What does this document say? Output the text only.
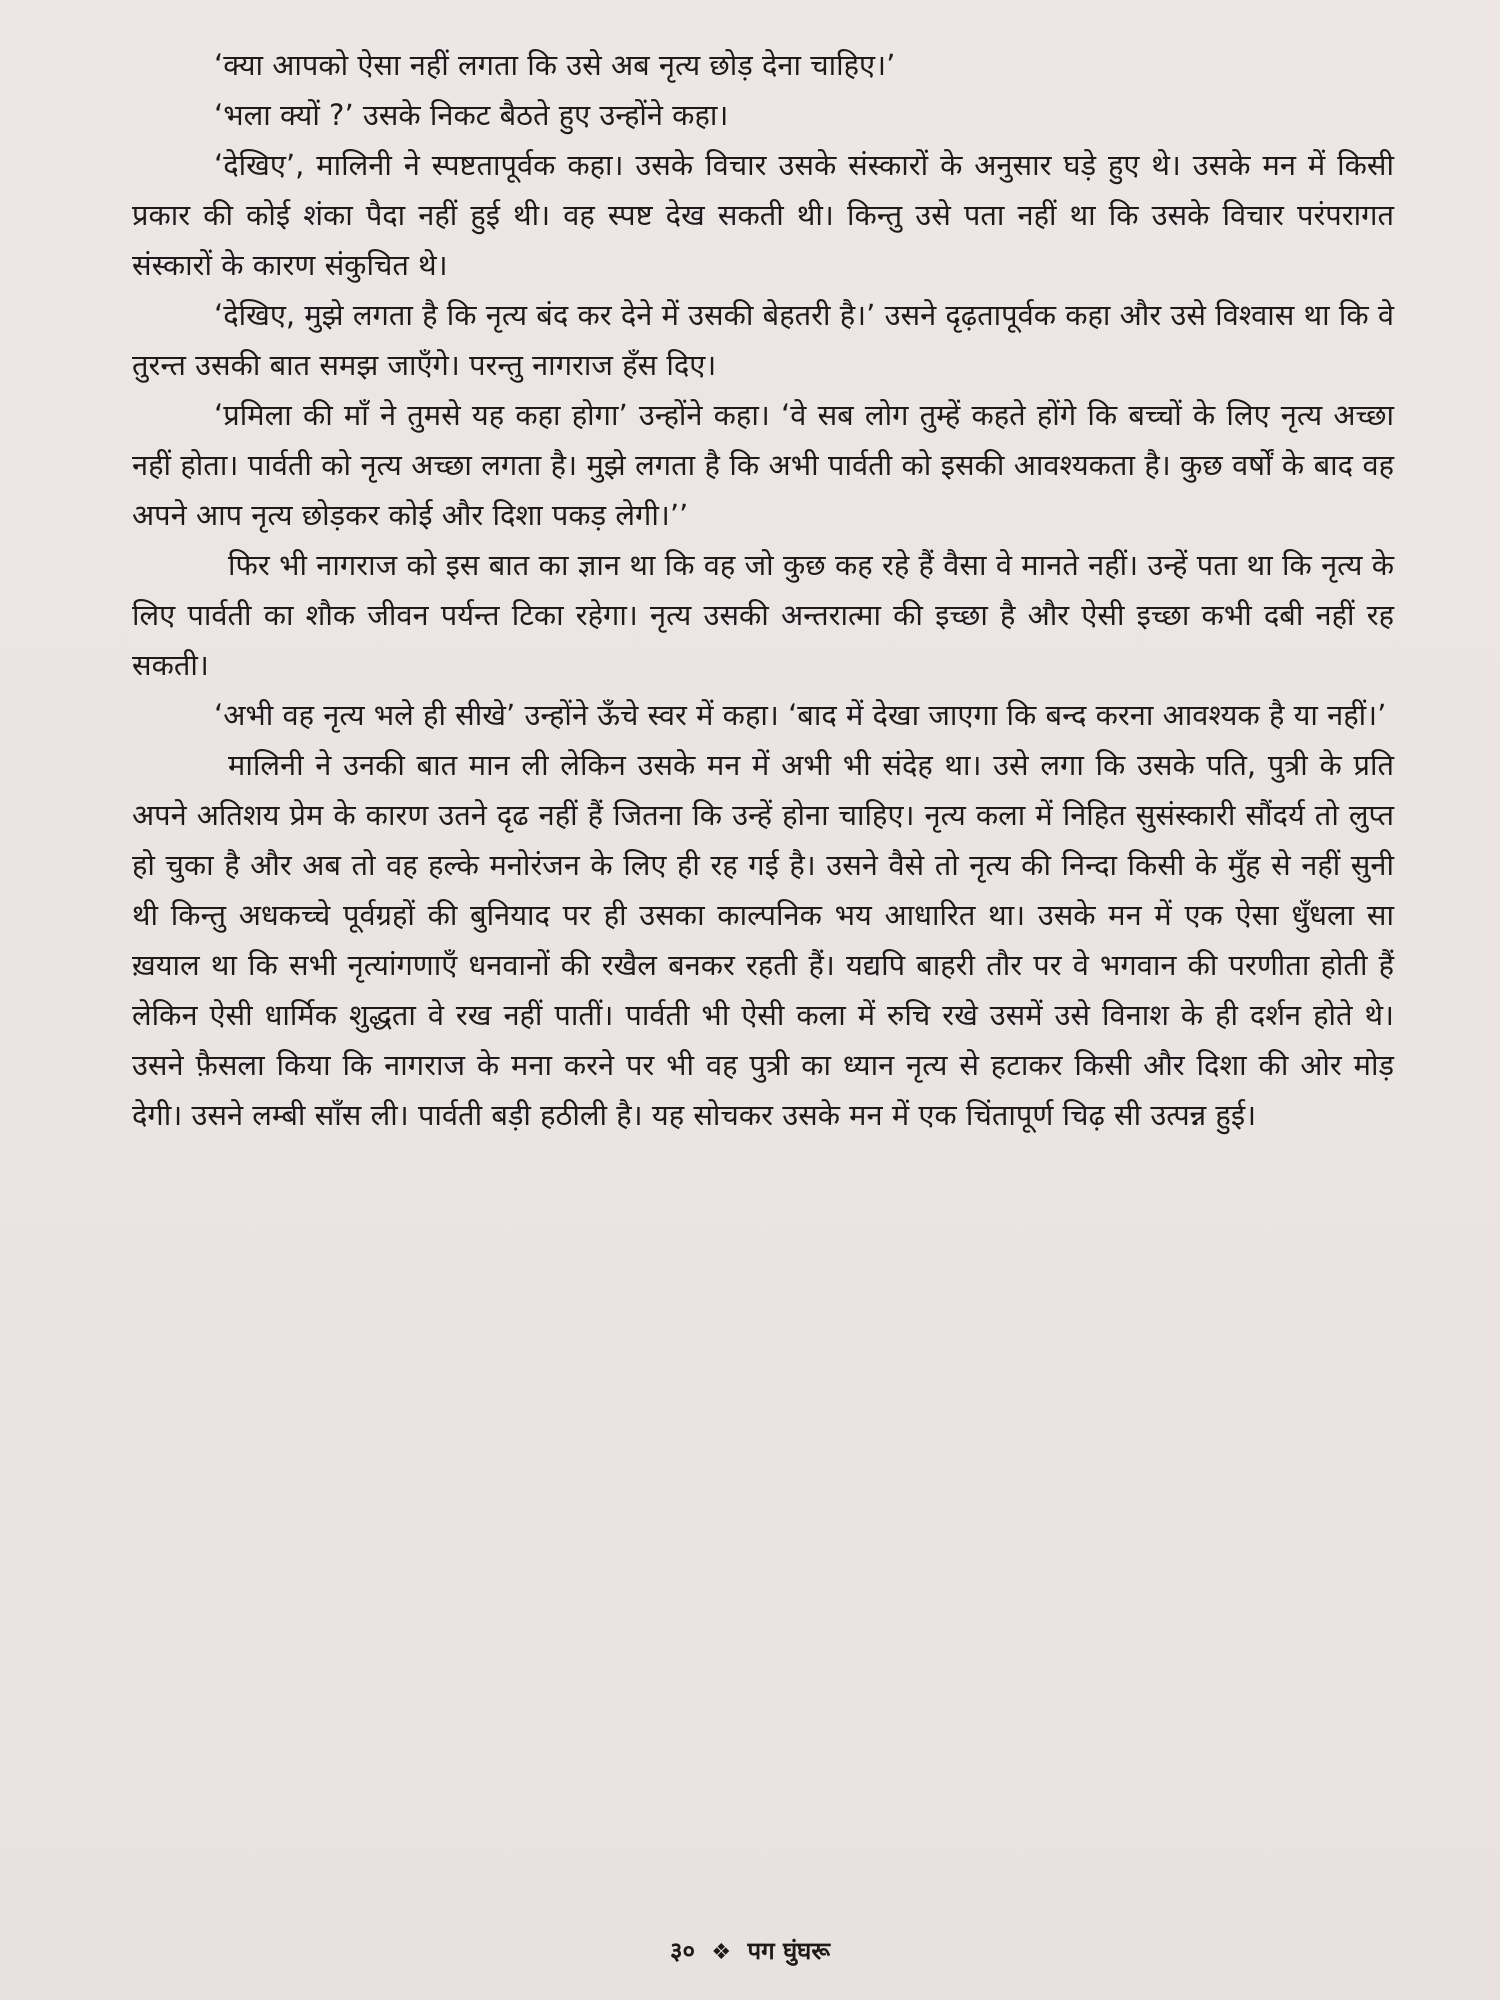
‘क्या आपको ऐसा नहीं लगता कि उसे अब नृत्य छोड़ देना चाहिए।’

‘भला क्यों ?’ उसके निकट बैठते हुए उन्होंने कहा।

‘देखिए’, मालिनी ने स्पष्टतापूर्वक कहा। उसके विचार उसके संस्कारों के अनुसार घड़े हुए थे। उसके मन में किसी प्रकार की कोई शंका पैदा नहीं हुई थी। वह स्पष्ट देख सकती थी। किन्तु उसे पता नहीं था कि उसके विचार परंपरागत संस्कारों के कारण संकुचित थे।

‘देखिए, मुझे लगता है कि नृत्य बंद कर देने में उसकी बेहतरी है।’ उसने दृढ़तापूर्वक कहा और उसे विश्वास था कि वे तुरन्त उसकी बात समझ जाएँगे। परन्तु नागराज हँस दिए।

‘प्रमिला की माँ ने तुमसे यह कहा होगा’ उन्होंने कहा। ‘वे सब लोग तुम्हें कहते होंगे कि बच्चों के लिए नृत्य अच्छा नहीं होता। पार्वती को नृत्य अच्छा लगता है। मुझे लगता है कि अभी पार्वती को इसकी आवश्यकता है। कुछ वर्षों के बाद वह अपने आप नृत्य छोड़कर कोई और दिशा पकड़ लेगी।’’

फिर भी नागराज को इस बात का ज्ञान था कि वह जो कुछ कह रहे हैं वैसा वे मानते नहीं। उन्हें पता था कि नृत्य के लिए पार्वती का शौक जीवन पर्यन्त टिका रहेगा। नृत्य उसकी अन्तरात्मा की इच्छा है और ऐसी इच्छा कभी दबी नहीं रह सकती।

‘अभी वह नृत्य भले ही सीखे’ उन्होंने ऊँचे स्वर में कहा। ‘बाद में देखा जाएगा कि बन्द करना आवश्यक है या नहीं।’

मालिनी ने उनकी बात मान ली लेकिन उसके मन में अभी भी संदेह था। उसे लगा कि उसके पति, पुत्री के प्रति अपने अतिशय प्रेम के कारण उतने दृढ नहीं हैं जितना कि उन्हें होना चाहिए। नृत्य कला में निहित सुसंस्कारी सौंदर्य तो लुप्त हो चुका है और अब तो वह हल्के मनोरंजन के लिए ही रह गई है। उसने वैसे तो नृत्य की निन्दा किसी के मुँह से नहीं सुनी थी किन्तु अधकच्चे पूर्वग्रहों की बुनियाद पर ही उसका काल्पनिक भय आधारित था। उसके मन में एक ऐसा धुँधला सा ख़याल था कि सभी नृत्यांगणाएँ धनवानों की रखैल बनकर रहती हैं। यद्यपि बाहरी तौर पर वे भगवान की परणीता होती हैं लेकिन ऐसी धार्मिक शुद्धता वे रख नहीं पातीं। पार्वती भी ऐसी कला में रुचि रखे उसमें उसे विनाश के ही दर्शन होते थे। उसने फ़ैसला किया कि नागराज के मना करने पर भी वह पुत्री का ध्यान नृत्य से हटाकर किसी और दिशा की ओर मोड़ देगी। उसने लम्बी साँस ली। पार्वती बड़ी हठीली है। यह सोचकर उसके मन में एक चिंतापूर्ण चिढ़ सी उत्पन्न हुई।

३० ❖ पग घुंघरू
